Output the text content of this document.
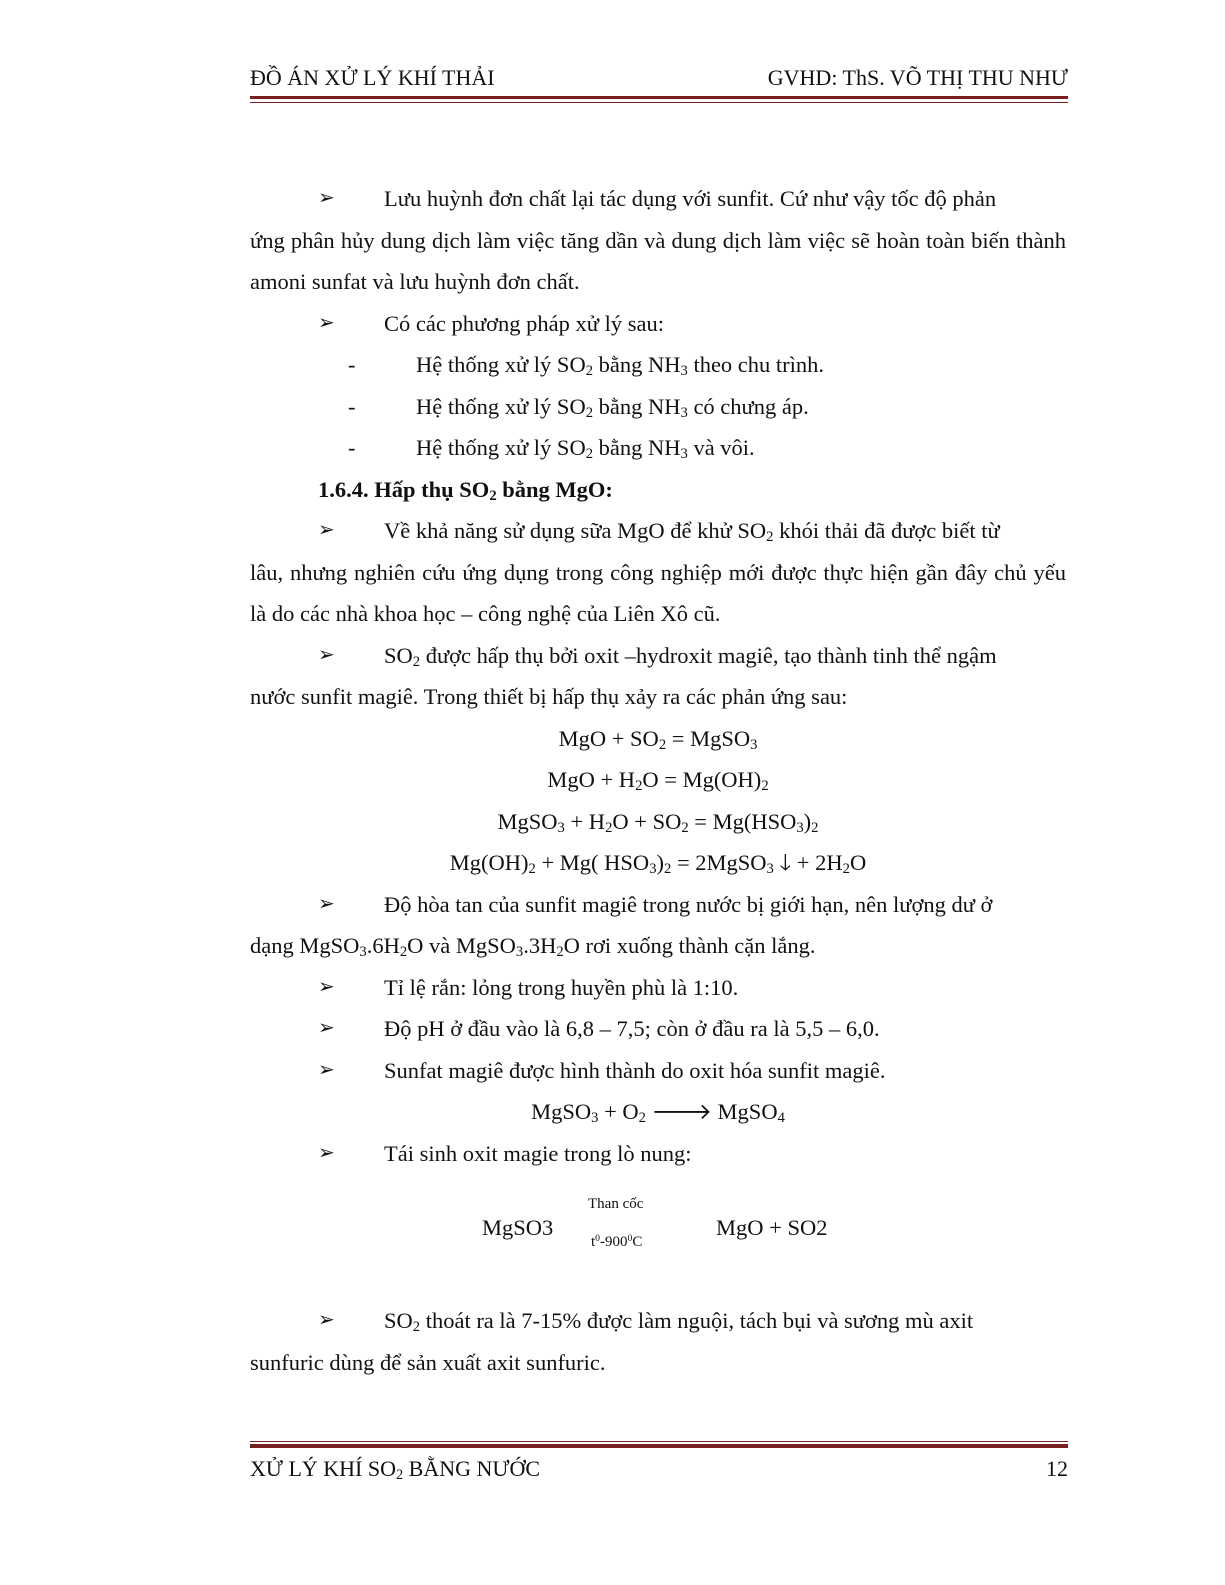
ĐỒ ÁN XỬ LÝ KHÍ THẢI	GVHD: ThS. VÕ THỊ THU NHƯ
➢	Lưu huỳnh đơn chất lại tác dụng với sunfit. Cứ như vậy tốc độ phản

ứng phân hủy dung dịch làm việc tăng dần và dung dịch làm việc sẽ hoàn toàn biến thành amoni sunfat và lưu huỳnh đơn chất.

➢	Có các phương pháp xử lý sau:
-	Hệ thống xử lý $SO_2$ bằng $NH_3$ theo chu trình.
-	Hệ thống xử lý $SO_2$ bằng $NH_3$ có chưng áp.
-	Hệ thống xử lý $SO_2$ bằng $NH_3$ và vôi.
1.6.4. Hấp thụ $SO_2$ bằng MgO:
➢	Về khả năng sử dụng sữa MgO để khử $SO_2$ khói thải đã được biết từ

lâu, nhưng nghiên cứu ứng dụng trong công nghiệp mới được thực hiện gần đây chủ yếu là do các nhà khoa học – công nghệ của Liên Xô cũ.

➢	$SO_2$ được hấp thụ bởi oxit –hydroxit magiê, tạo thành tinh thể ngậm

nước sunfit magiê. Trong thiết bị hấp thụ xảy ra các phản ứng sau:

MgO + $SO_2$ = MgSO$_3$
MgO + $H_2O = Mg(OH)_2$
MgSO$_3$ + $H_2O + SO_2 = Mg(HSO_3)_2$
$Mg(OH)_2 + Mg$( $HSO_3)_2$ = 2MgSO$_3$ 🡓 + $2H_2O$
➢	Độ hòa tan của sunfit magiê trong nước bị giới hạn, nên lượng dư ở

dạng $MgSO_3.6H_2O$ và $MgSO_3.3H_2O$ rơi xuống thành cặn lắng.

➢	Tỉ lệ rắn: lỏng trong huyền phù là 1:10.
➢	Độ pH ở đầu vào là 6,8 – 7,5; còn ở đầu ra là 5,5 – 6,0.
➢	Sunfat magiê được hình thành do oxit hóa sunfit magiê.
MgSO$_3$ + $O_2$ 🡒 MgSO$_4$
➢	Tái sinh oxit magie trong lò nung:
MgSO3
Than cốc
$t^0-900^0C$
MgO + SO2
➢	$SO_2$ thoát ra là 7-15% được làm nguội, tách bụi và sương mù axit

sunfuric dùng để sản xuất axit sunfuric.

XỬ LÝ KHÍ $SO_2$ BẰNG NƯỚC	12
